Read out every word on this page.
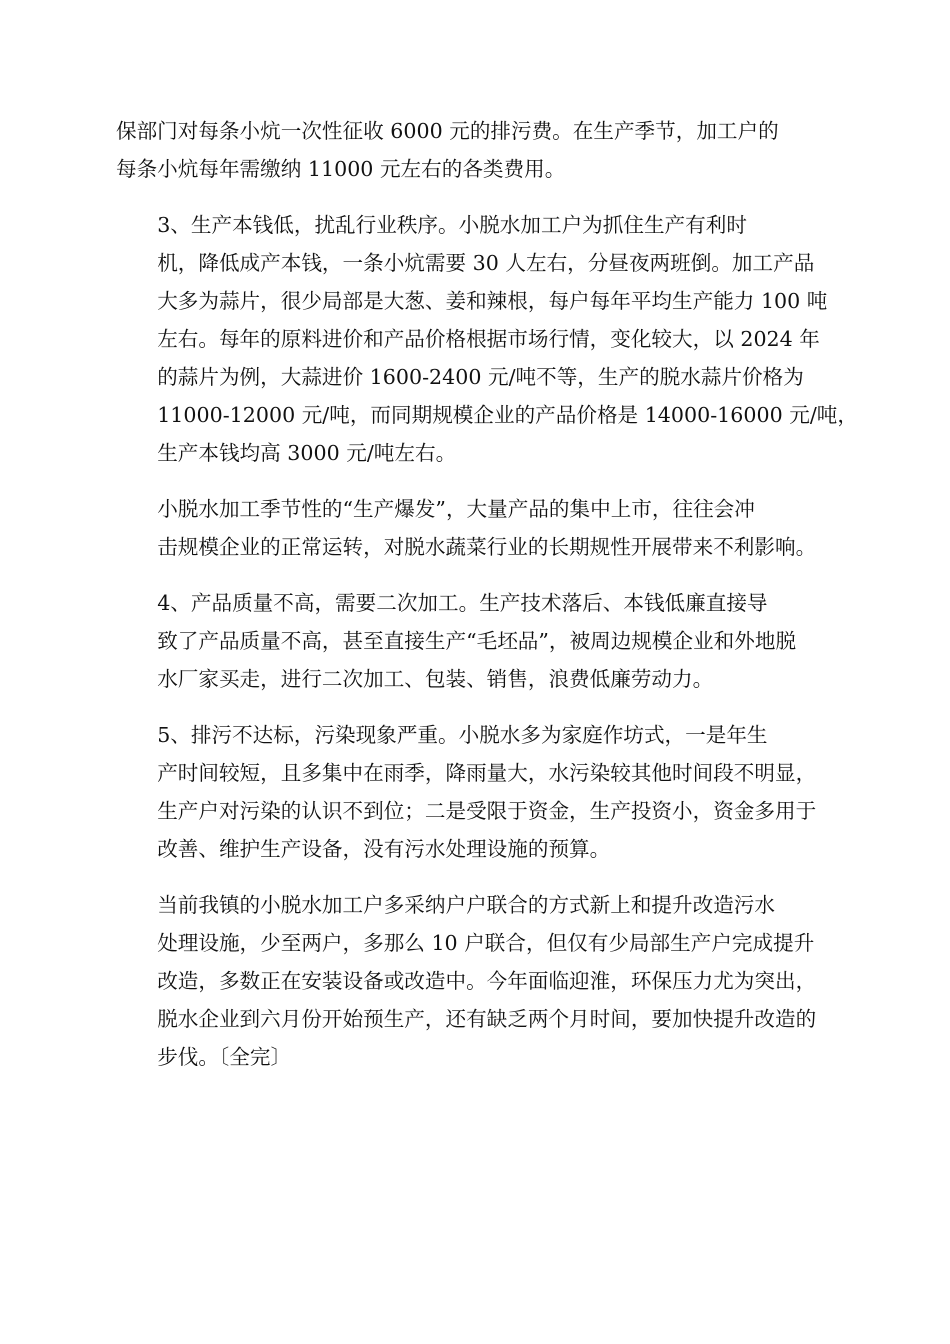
保部门对每条小炕一次性征收 6000 元的排污费。在生产季节，加工户的
每条小炕每年需缴纳 11000 元左右的各类费用。

3、生产本钱低，扰乱行业秩序。小脱水加工户为抓住生产有利时
机，降低成产本钱，一条小炕需要 30 人左右，分昼夜两班倒。加工产品
大多为蒜片，很少局部是大葱、姜和辣根，每户每年平均生产能力 100 吨
左右。每年的原料进价和产品价格根据市场行情，变化较大，以 2024 年
的蒜片为例，大蒜进价 1600-2400 元/吨不等，生产的脱水蒜片价格为
11000-12000 元/吨，而同期规模企业的产品价格是 14000-16000 元/吨，
生产本钱均高 3000 元/吨左右。

小脱水加工季节性的“生产爆发”，大量产品的集中上市，往往会冲
击规模企业的正常运转，对脱水蔬菜行业的长期规性开展带来不利影响。

4、产品质量不高，需要二次加工。生产技术落后、本钱低廉直接导
致了产品质量不高，甚至直接生产“毛坯品”，被周边规模企业和外地脱
水厂家买走，进行二次加工、包装、销售，浪费低廉劳动力。

5、排污不达标，污染现象严重。小脱水多为家庭作坊式，一是年生
产时间较短，且多集中在雨季，降雨量大，水污染较其他时间段不明显，
生产户对污染的认识不到位；二是受限于资金，生产投资小，资金多用于
改善、维护生产设备，没有污水处理设施的预算。

当前我镇的小脱水加工户多采纳户户联合的方式新上和提升改造污水
处理设施，少至两户，多那么 10 户联合，但仅有少局部生产户完成提升
改造，多数正在安装设备或改造中。今年面临迎淮，环保压力尤为突出，
脱水企业到六月份开始预生产，还有缺乏两个月时间，要加快提升改造的
步伐。〔全完〕
